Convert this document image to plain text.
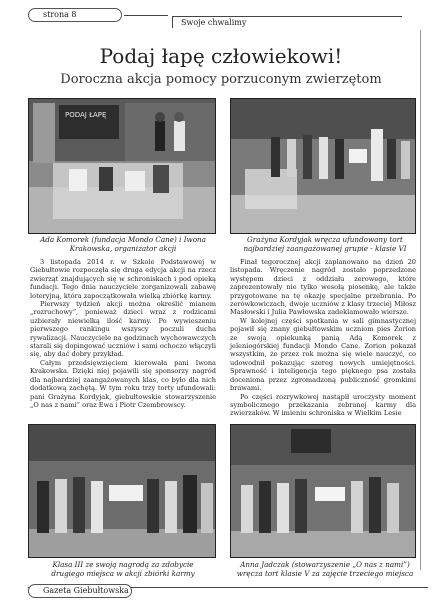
strona 8
Swoje chwalimy
Podaj łapę człowiekowi!
Doroczna akcja pomocy porzuconym zwierzętom
PODAJ ŁAPĘ
Ada Komorek (fundacja Mondo Cane) i Iwona Krakowska, organizator akcji
Grażyna Kordyjak wręcza ufundowany tort najbardziej zaangażowanej grupie - klasie VI

3 listopada 2014 r. w Szkole Podstawowej w Giebułtowie rozpoczęła się druga edycja akcji na rzecz zwierząt znajdujących się w schroniskach i pod opieką fundacji. Tego dnia nauczyciele zorganizowali zabawę loteryjną, która zapoczątkowała wielką zbiórkę karmy.

Pierwszy tydzień akcji można określić mianem „rozruchowy”, ponieważ dzieci wraz z rodzicami uzbierały niewielką ilość karmy. Po wywieszeniu pierwszego rankingu wszyscy poczuli ducha rywalizacji. Nauczyciele na godzinach wychowawczych starali się dopingować uczniów i sami ochoczo włączyli się, aby dać dobry przykład.

Całym przedsięwzięciem kierowała pani Iwona Krakowska. Dzięki niej pojawili się sponsorzy nagród dla najbardziej zaangażowanych klas, co było dla nich dodatkową zachętą. W tym roku trzy torty ufundowali: pani Grażyna Kordyjak, giebułtowskie stowarzyszenie „O nas z nami” oraz Ewa i Piotr Czembrowscy.

Finał tegorocznej akcji zaplanowano na dzień 20 listopada. Wręczenie nagród zostało poprzedzone występem dzieci z oddziału zerowego, które zaprezentowały nie tylko wesołą piosenkę, ale także przygotowane na tę okazję specjalne przebrania. Po zerówkowiczach, dwoje uczniów z klasy trzeciej Miłosz Masłowski i Julia Pawłowska zadeklamowało wiersze.

W kolejnej części spotkania w sali gimnastycznej pojawił się znany giebułtowskim uczniom pies Zorion ze swoją opiekunką panią Adą Komorek z jeleniogórskiej fundacji Mondo Cane. Zorion pokazał wszystkim, że przez rok można się wiele nauczyć, co udowodnił pokazując szereg nowych umiejętności. Sprawność i inteligencja tego pięknego psa została doceniona przez zgromadzoną publiczność gromkimi brawami.

Po części rozrywkowej nastąpił uroczysty moment symbolicznego przekazania zebranej karmy dla zwierzaków. W imieniu schroniska w Wielkim Lesie

Klasa III ze swoją nagrodą za zdobycie drugiego miejsca w akcji zbiórki karmy
Anna Jadczak (stowarzyszenie „O nas z nami”) wręcza tort klasie V za zajęcie trzeciego miejsca
Gazeta Giebułtowska
